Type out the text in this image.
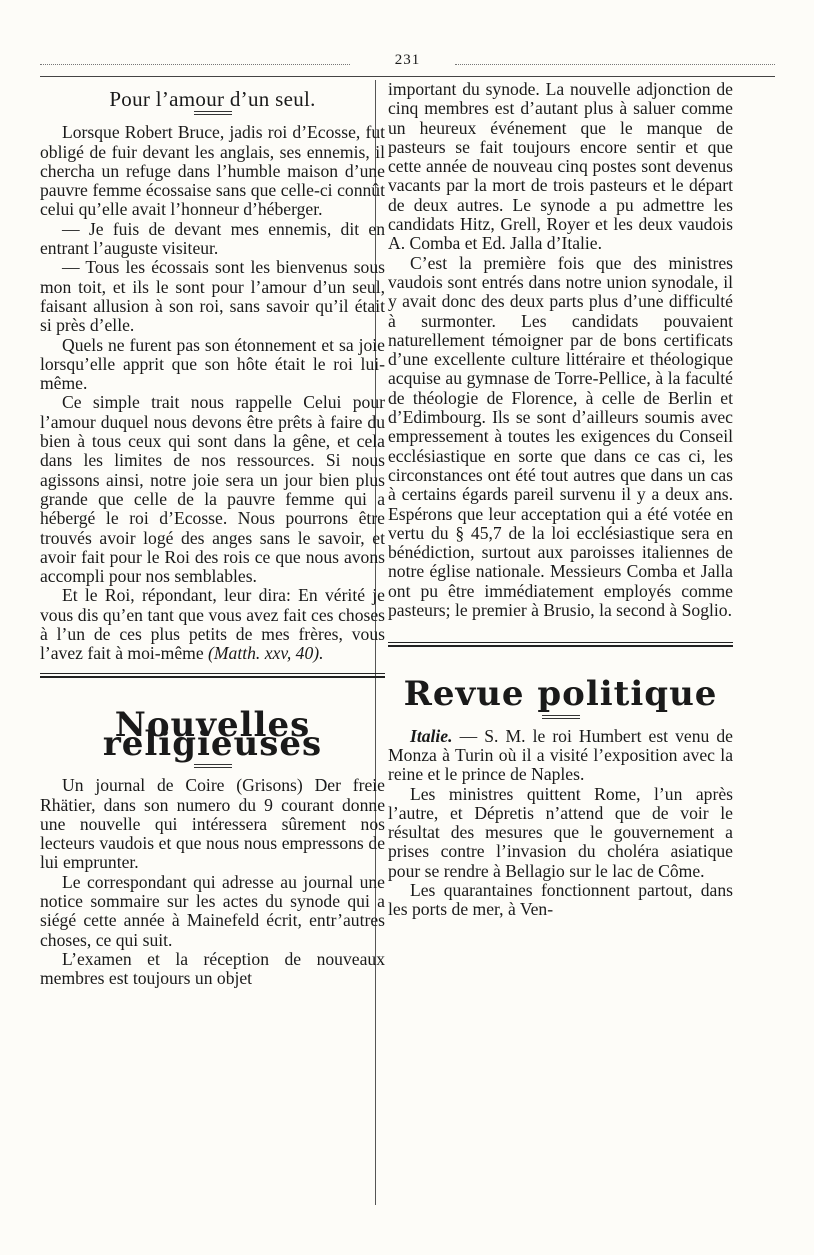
231
Pour l’amour d’un seul.

Lorsque Robert Bruce, jadis roi d’Ecosse, fut obligé de fuir devant les anglais, ses ennemis, il chercha un refuge dans l’humble maison d’une pauvre femme écossaise sans que celle-ci connût celui qu’elle avait l’honneur d’héberger.

— Je fuis de devant mes ennemis, dit en entrant l’auguste visiteur.

— Tous les écossais sont les bienvenus sous mon toit, et ils le sont pour l’amour d’un seul, faisant allusion à son roi, sans savoir qu’il était si près d’elle.

Quels ne furent pas son étonnement et sa joie lorsqu’elle apprit que son hôte était le roi lui-même.

Ce simple trait nous rappelle Celui pour l’amour duquel nous devons être prêts à faire du bien à tous ceux qui sont dans la gêne, et cela dans les limites de nos ressources. Si nous agissons ainsi, notre joie sera un jour bien plus grande que celle de la pauvre femme qui a hébergé le roi d’Ecosse. Nous pourrons être trouvés avoir logé des anges sans le savoir, et avoir fait pour le Roi des rois ce que nous avons accompli pour nos semblables.

Et le Roi, répondant, leur dira: En vérité je vous dis qu’en tant que vous avez fait ces choses à l’un de ces plus petits de mes frères, vous l’avez fait à moi-même (Matth. xxv, 40).

Nouvelles religieuses

Un journal de Coire (Grisons) Der freie Rhätier, dans son numero du 9 courant donne une nouvelle qui intéressera sûrement nos lecteurs vaudois et que nous nous empressons de lui emprunter.

Le correspondant qui adresse au journal une notice sommaire sur les actes du synode qui a siégé cette année à Mainefeld écrit, entr’autres choses, ce qui suit.

L’examen et la réception de nouveaux membres est toujours un objet

important du synode. La nouvelle adjonction de cinq membres est d’autant plus à saluer comme un heureux événement que le manque de pasteurs se fait toujours encore sentir et que cette année de nouveau cinq postes sont devenus vacants par la mort de trois pasteurs et le départ de deux autres. Le synode a pu admettre les candidats Hitz, Grell, Royer et les deux vaudois A. Comba et Ed. Jalla d’Italie.

C’est la première fois que des ministres vaudois sont entrés dans notre union synodale, il y avait donc des deux parts plus d’une difficulté à surmonter. Les candidats pouvaient naturellement témoigner par de bons certificats d’une excellente culture littéraire et théologique acquise au gymnase de Torre-Pellice, à la faculté de théologie de Florence, à celle de Berlin et d’Edimbourg. Ils se sont d’ailleurs soumis avec empressement à toutes les exigences du Conseil ecclésiastique en sorte que dans ce cas ci, les circonstances ont été tout autres que dans un cas à certains égards pareil survenu il y a deux ans. Espérons que leur acceptation qui a été votée en vertu du § 45,7 de la loi ecclésiastique sera en bénédiction, surtout aux paroisses italiennes de notre église nationale. Messieurs Comba et Jalla ont pu être immédiatement employés comme pasteurs; le premier à Brusio, la second à Soglio.

Revue politique

Italie. — S. M. le roi Humbert est venu de Monza à Turin où il a visité l’exposition avec la reine et le prince de Naples.

Les ministres quittent Rome, l’un après l’autre, et Dépretis n’attend que de voir le résultat des mesures que le gouvernement a prises contre l’invasion du choléra asiatique pour se rendre à Bellagio sur le lac de Côme.

Les quarantaines fonctionnent partout, dans les ports de mer, à Ven-
